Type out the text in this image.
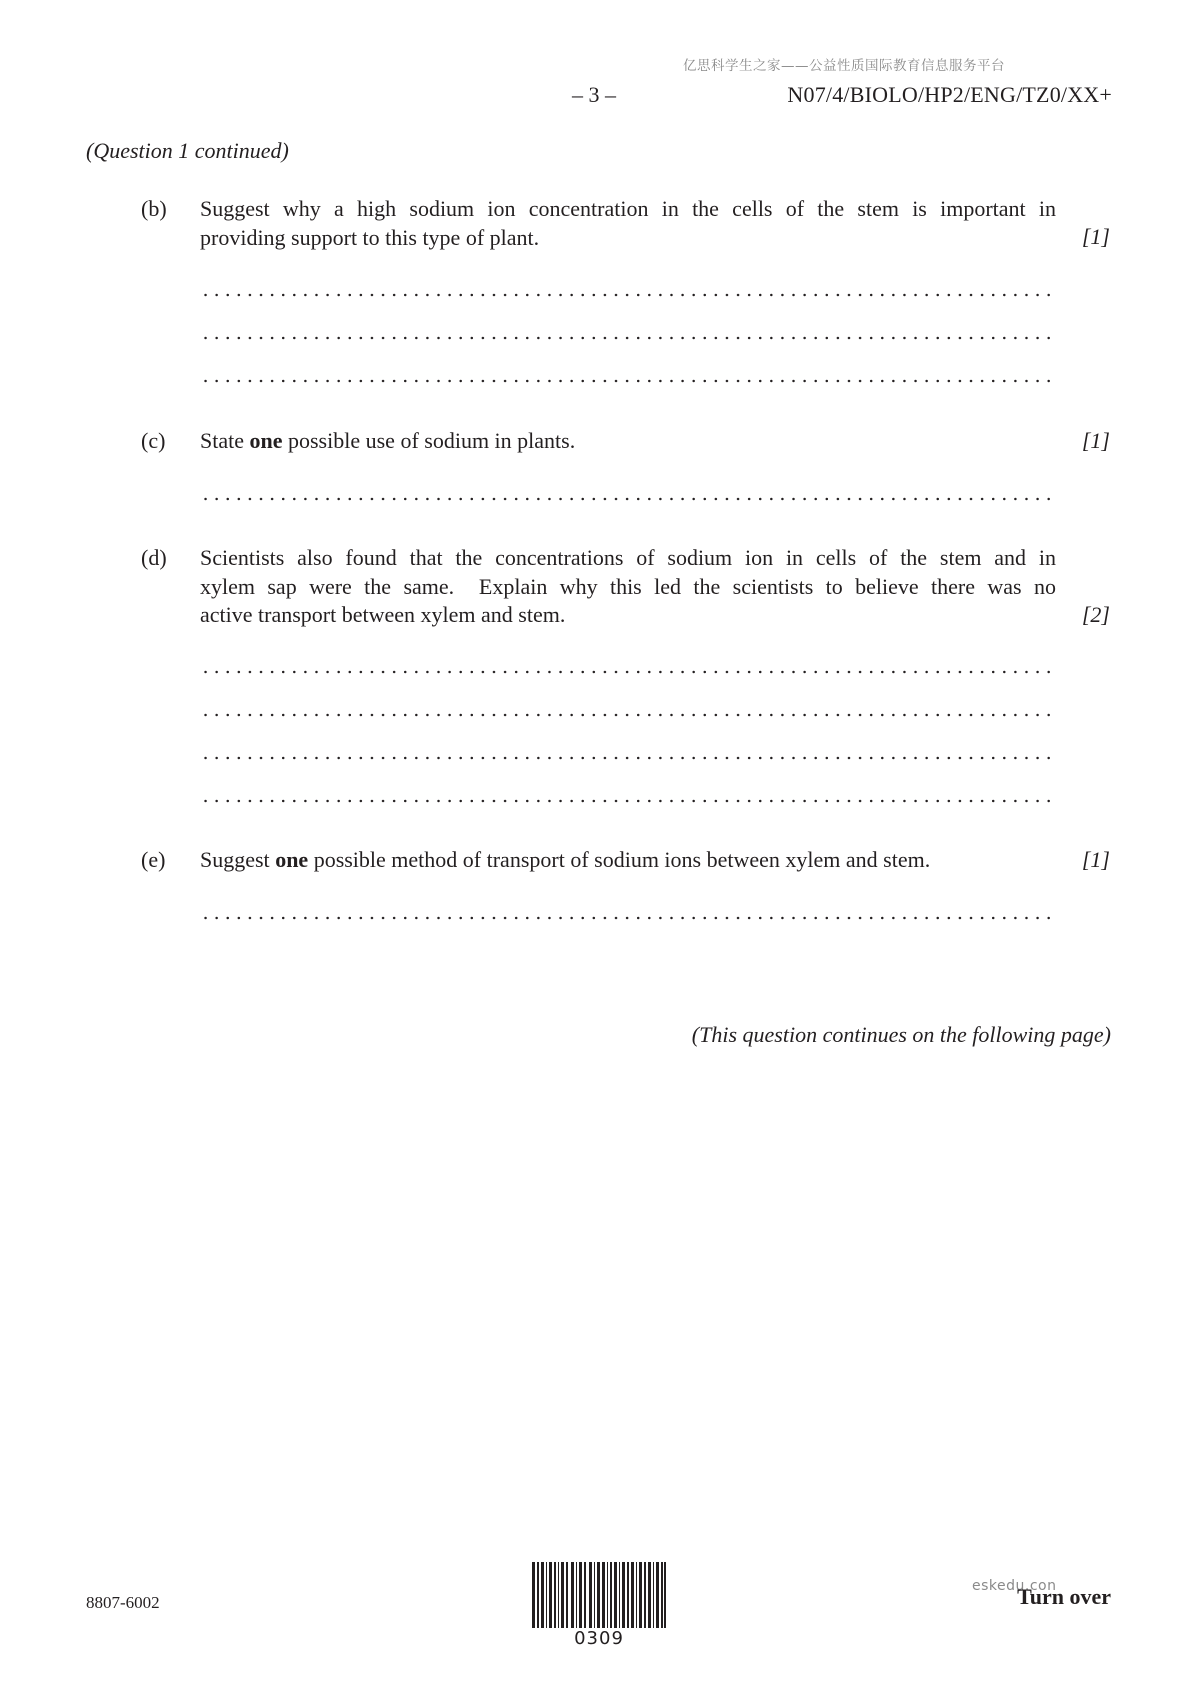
亿思科学生之家——公益性质国际教育信息服务平台
– 3 –	N07/4/BIOLO/HP2/ENG/TZ0/XX+
(Question 1 continued)
(b) Suggest why a high sodium ion concentration in the cells of the stem is important in
providing support to this type of plant.	[1]
(c) State one possible use of sodium in plants.	[1]
(d) Scientists also found that the concentrations of sodium ion in cells of the stem and in
xylem sap were the same.  Explain why this led the scientists to believe there was no
active transport between xylem and stem.	[2]
(e) Suggest one possible method of transport of sodium ions between xylem and stem.	[1]
(This question continues on the following page)
8807-6002
0309
eskedu.con
Turn over
